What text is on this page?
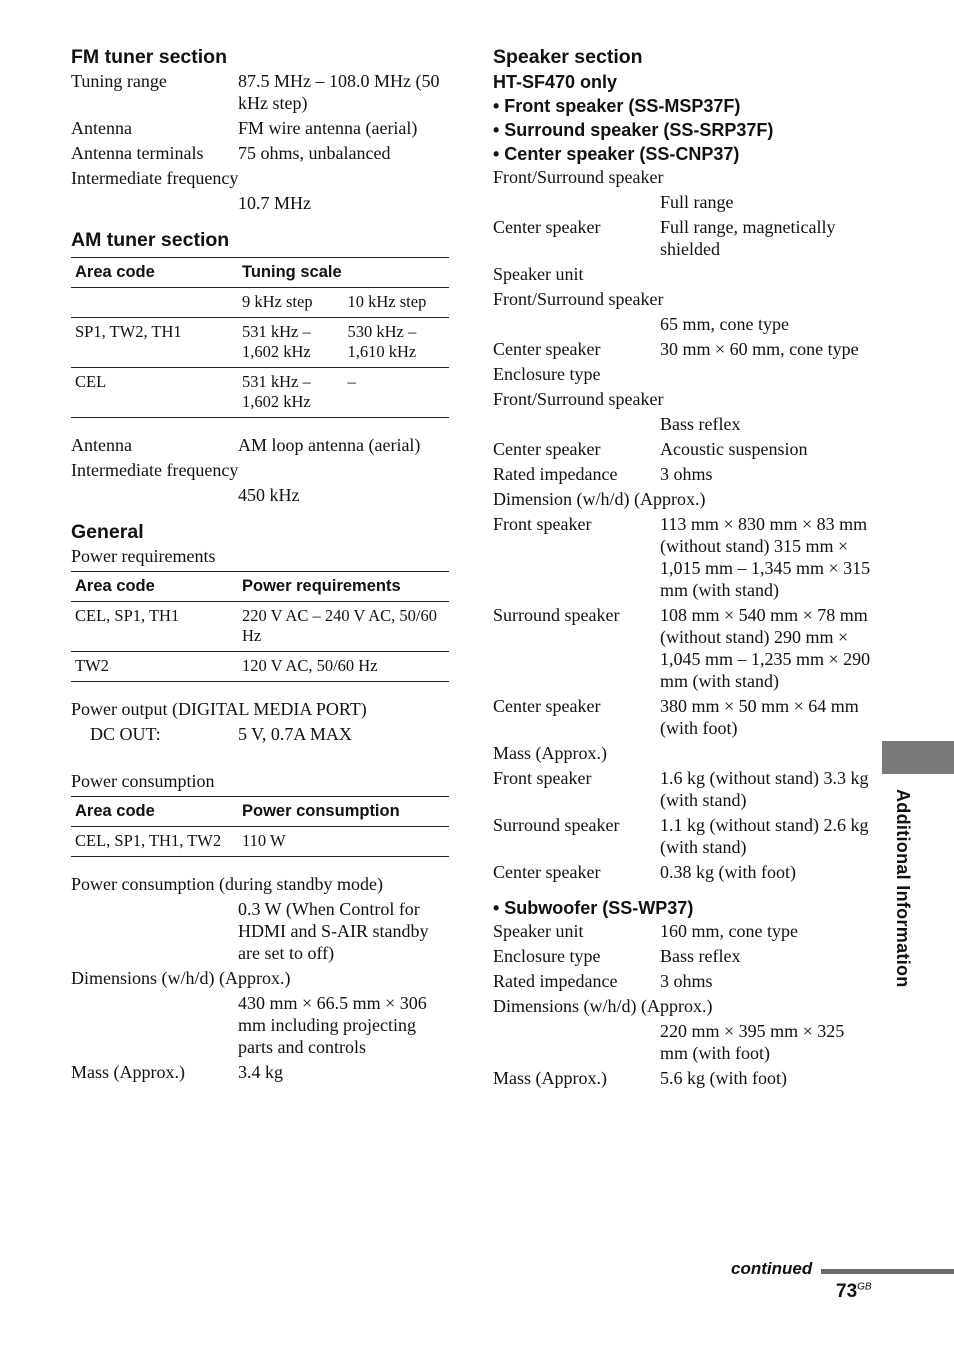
FM tuner section
Tuning range	87.5 MHz – 108.0 MHz (50 kHz step)
Antenna	FM wire antenna (aerial)
Antenna terminals	75 ohms, unbalanced
Intermediate frequency
10.7 MHz
AM tuner section
Area code	Tuning scale	
	9 kHz step	10 kHz step
SP1, TW2, TH1	531 kHz – 1,602 kHz	530 kHz – 1,610 kHz
CEL	531 kHz – 1,602 kHz	–
Antenna	AM loop antenna (aerial)
Intermediate frequency
450 kHz
General
Power requirements
Area code	Power requirements
CEL, SP1, TH1	220 V AC – 240 V AC, 50/60 Hz
TW2	120 V AC, 50/60 Hz
Power output (DIGITAL MEDIA PORT)
DC OUT:	5 V, 0.7A MAX
Power consumption
Area code	Power consumption
CEL, SP1, TH1, TW2	110 W
Power consumption (during standby mode)
0.3 W (When Control for HDMI and S-AIR standby are set to off)
Dimensions (w/h/d) (Approx.)
430 mm × 66.5 mm × 306 mm including projecting parts and controls
Mass (Approx.)	3.4 kg
Speaker section
HT-SF470 only
• Front speaker (SS-MSP37F)
• Surround speaker (SS-SRP37F)
• Center speaker (SS-CNP37)
Front/Surround speaker
Full range
Center speaker	Full range, magnetically shielded
Speaker unit
Front/Surround speaker
65 mm, cone type
Center speaker	30 mm × 60 mm, cone type
Enclosure type
Front/Surround speaker
Bass reflex
Center speaker	Acoustic suspension
Rated impedance	3 ohms
Dimension (w/h/d) (Approx.)
Front speaker	113 mm × 830 mm × 83 mm (without stand) 315 mm × 1,015 mm – 1,345 mm × 315 mm (with stand)
Surround speaker	108 mm × 540 mm × 78 mm (without stand) 290 mm × 1,045 mm – 1,235 mm × 290 mm (with stand)
Center speaker	380 mm × 50 mm × 64 mm (with foot)
Mass (Approx.)
Front speaker	1.6 kg (without stand) 3.3 kg (with stand)
Surround speaker	1.1 kg (without stand) 2.6 kg (with stand)
Center speaker	0.38 kg (with foot)
• Subwoofer (SS-WP37)
Speaker unit	160 mm, cone type
Enclosure type	Bass reflex
Rated impedance	3 ohms
Dimensions (w/h/d) (Approx.)
220 mm × 395 mm × 325 mm (with foot)
Mass (Approx.)	5.6 kg (with foot)
Additional Information
continued
$73^{GB}$
